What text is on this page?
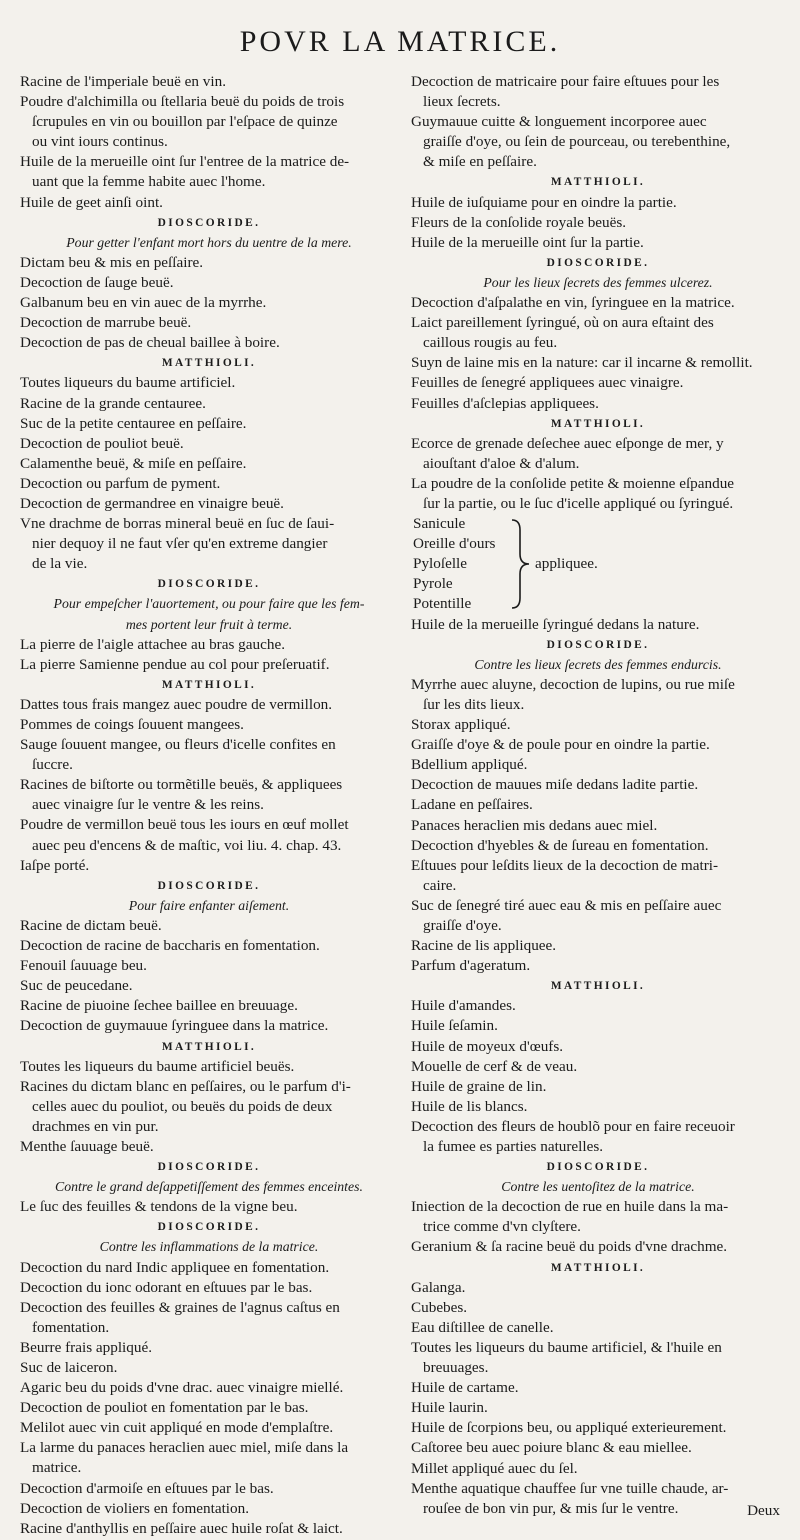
POVR LA MATRICE.
Racine de l'imperiale beuë en vin.
Poudre d'alchimilla ou ſtellaria beuë du poids de trois
ſcrupules en vin ou bouillon par l'eſpace de quinze
ou vint iours continus.
Huile de la merueille oint ſur l'entree de la matrice de-
uant que la femme habite auec l'home.
Huile de geet ainſi oint.
DIOSCORIDE.
Pour getter l'enfant mort hors du uentre de la mere.
Dictam beu & mis en peſſaire.
Decoction de ſauge beuë.
Galbanum beu en vin auec de la myrrhe.
Decoction de marrube beuë.
Decoction de pas de cheual baillee à boire.
MATTHIOLI.
Toutes liqueurs du baume artificiel.
Racine de la grande centauree.
Suc de la petite centauree en peſſaire.
Decoction de pouliot beuë.
Calamenthe beuë, & miſe en peſſaire.
Decoction ou parfum de pyment.
Decoction de germandree en vinaigre beuë.
Vne drachme de borras mineral beuë en ſuc de ſaui-
nier dequoy il ne faut vſer qu'en extreme dangier
de la vie.
DIOSCORIDE.
Pour empeſcher l'auortement, ou pour faire que les fem-
mes portent leur fruit à terme.
La pierre de l'aigle attachee au bras gauche.
La pierre Samienne pendue au col pour preſeruatif.
MATTHIOLI.
Dattes tous frais mangez auec poudre de vermillon.
Pommes de coings ſouuent mangees.
Sauge ſouuent mangee, ou fleurs d'icelle confites en
ſuccre.
Racines de biſtorte ou tormẽtille beuës, & appliquees
auec vinaigre ſur le ventre & les reins.
Poudre de vermillon beuë tous les iours en œuf mollet
auec peu d'encens & de maſtic, voi liu. 4. chap. 43.
Iaſpe porté.
DIOSCORIDE.
Pour faire enfanter aiſement.
Racine de dictam beuë.
Decoction de racine de baccharis en fomentation.
Fenouil ſauuage beu.
Suc de peucedane.
Racine de piuoine ſechee baillee en breuuage.
Decoction de guymauue ſyringuee dans la matrice.
MATTHIOLI.
Toutes les liqueurs du baume artificiel beuës.
Racines du dictam blanc en peſſaires, ou le parfum d'i-
celles auec du pouliot, ou beuës du poids de deux
drachmes en vin pur.
Menthe ſauuage beuë.
DIOSCORIDE.
Contre le grand deſappetiſſement des femmes enceintes.
Le ſuc des feuilles & tendons de la vigne beu.
DIOSCORIDE.
Contre les inflammations de la matrice.
Decoction du nard Indic appliquee en fomentation.
Decoction du ionc odorant en eſtuues par le bas.
Decoction des feuilles & graines de l'agnus caſtus en
fomentation.
Beurre frais appliqué.
Suc de laiceron.
Agaric beu du poids d'vne drac. auec vinaigre miellé.
Decoction de pouliot en fomentation par le bas.
Melilot auec vin cuit appliqué en mode d'emplaſtre.
La larme du panaces heraclien auec miel, miſe dans la
matrice.
Decoction d'armoiſe en eſtuues par le bas.
Decoction de violiers en fomentation.
Racine d'anthyllis en peſſaire auec huile roſat & laict.
Decoction de matricaire pour faire eſtuues pour les
lieux ſecrets.
Guymauue cuitte & longuement incorporee auec
graiſſe d'oye, ou ſein de pourceau, ou terebenthine,
& miſe en peſſaire.
MATTHIOLI.
Huile de iuſquiame pour en oindre la partie.
Fleurs de la conſolide royale beuës.
Huile de la merueille oint ſur la partie.
DIOSCORIDE.
Pour les lieux ſecrets des femmes ulcerez.
Decoction d'aſpalathe en vin, ſyringuee en la matrice.
Laict pareillement ſyringué, où on aura eſtaint des
caillous rougis au feu.
Suyn de laine mis en la nature: car il incarne & remollit.
Feuilles de ſenegré appliquees auec vinaigre.
Feuilles d'aſclepias appliquees.
MATTHIOLI.
Ecorce de grenade deſechee auec eſponge de mer, y
aiouſtant d'aloe & d'alum.
La poudre de la conſolide petite & moienne eſpandue
ſur la partie, ou le ſuc d'icelle appliqué ou ſyringué.
Sanicule
Oreille d'ours
Pyloſelle
Pyrole
Potentille
appliquee.
Huile de la merueille ſyringué dedans la nature.
DIOSCORIDE.
Contre les lieux ſecrets des femmes endurcis.
Myrrhe auec aluyne, decoction de lupins, ou rue miſe
ſur les dits lieux.
Storax appliqué.
Graiſſe d'oye & de poule pour en oindre la partie.
Bdellium appliqué.
Decoction de mauues miſe dedans ladite partie.
Ladane en peſſaires.
Panaces heraclien mis dedans auec miel.
Decoction d'hyebles & de ſureau en fomentation.
Eſtuues pour leſdits lieux de la decoction de matri-
caire.
Suc de ſenegré tiré auec eau & mis en peſſaire auec
graiſſe d'oye.
Racine de lis appliquee.
Parfum d'ageratum.
MATTHIOLI.
Huile d'amandes.
Huile ſeſamin.
Huile de moyeux d'œufs.
Mouelle de cerf & de veau.
Huile de graine de lin.
Huile de lis blancs.
Decoction des fleurs de houblõ pour en faire receuoir
la fumee es parties naturelles.
DIOSCORIDE.
Contre les uentoſitez de la matrice.
Iniection de la decoction de rue en huile dans la ma-
trice comme d'vn clyſtere.
Geranium & ſa racine beuë du poids d'vne drachme.
MATTHIOLI.
Galanga.
Cubebes.
Eau diſtillee de canelle.
Toutes les liqueurs du baume artificiel, & l'huile en
breuuages.
Huile de cartame.
Huile laurin.
Huile de ſcorpions beu, ou appliqué exterieurement.
Caſtoree beu auec poiure blanc & eau miellee.
Millet appliqué auec du ſel.
Menthe aquatique chauffee ſur vne tuille chaude, ar-
rouſee de bon vin pur, & mis ſur le ventre.	Deux
